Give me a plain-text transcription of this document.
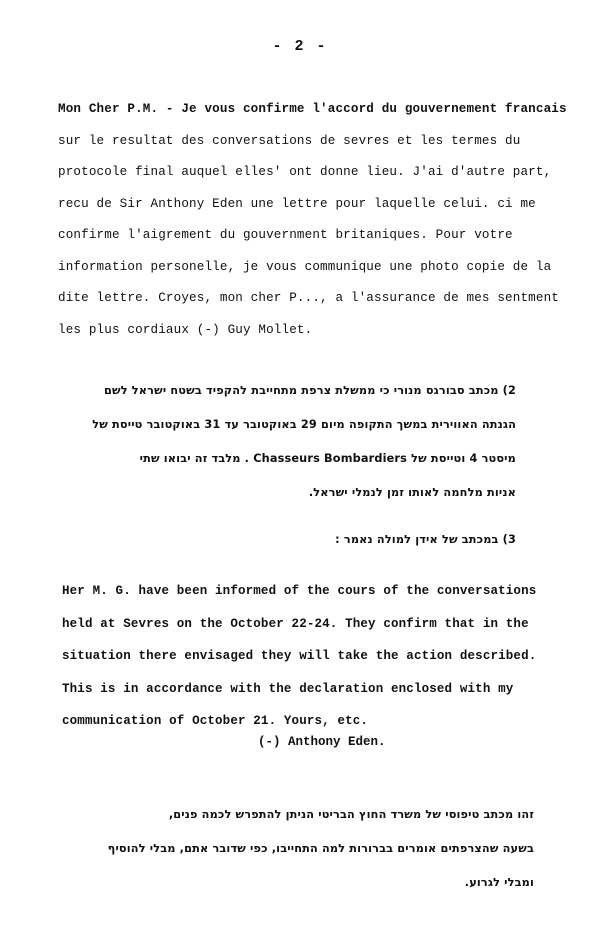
- 2 -
Mon Cher P.M. - Je vous confirme l'accord du gouvernement francais
sur le resultat des conversations de sevres et les termes du
protocole final auquel elles' ont donne lieu. J'ai d'autre part,
recu de Sir Anthony Eden une lettre pour laquelle celui. ci me
confirme l'aigrement du gouvernment britaniques. Pour votre
information personelle, je vous communique une photo copie de la
dite lettre. Croyes, mon cher P..., a l'assurance de mes sentment
les plus cordiaux (-) Guy Mollet.
2) מכתב סבורגס מנורי כי ממשלת צרפת מתחייבת להקפיד בשטח ישראל לשם
הגנתה האווירית במשך התקופה מיום 29 באוקטובר עד 31 באוקטובר טייסת של
מיסטר 4 וטייסת של Chasseurs Bombardiers . מלבד זה יבואו שתי
אניות מלחמה לאותו זמן לנמלי ישראל.
3) במכתב של אידן למולה נאמר :
Her M. G. have been informed of the cours of the conversations
held at Sevres on the October 22-24. They confirm that in the
situation there envisaged they will take the action described.
This is in accordance with the declaration enclosed with my
communication of October 21. Yours, etc.
(-) Anthony Eden.
זהו מכתב טיפוסי של משרד החוץ הבריטי הניתן להתפרש לכמה פנים,
בשעה שהצרפתים אומרים בברורות למה התחייבו, כפי שדובר אתם, מבלי להוסיף
ומבלי לגרוע.
